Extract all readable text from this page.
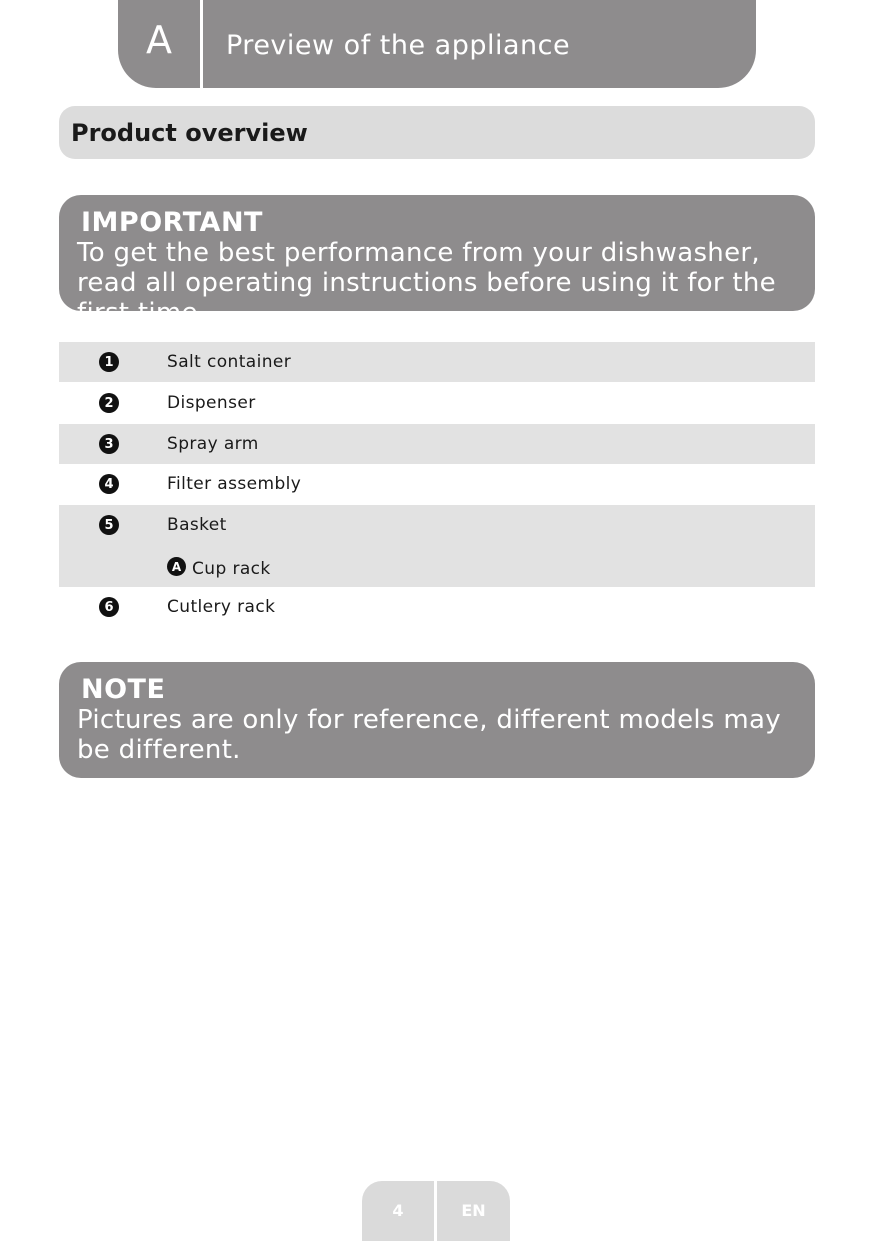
A	Preview of the appliance
Product overview
IMPORTANT
To get the best performance from your dishwasher, read all operating instructions before using it for the first time.
1	Salt container
2	Dispenser
3	Spray arm
4	Filter assembly
5	Basket
A Cup rack
6	Cutlery rack
NOTE
Pictures are only for reference, different models may be different.
4	EN
